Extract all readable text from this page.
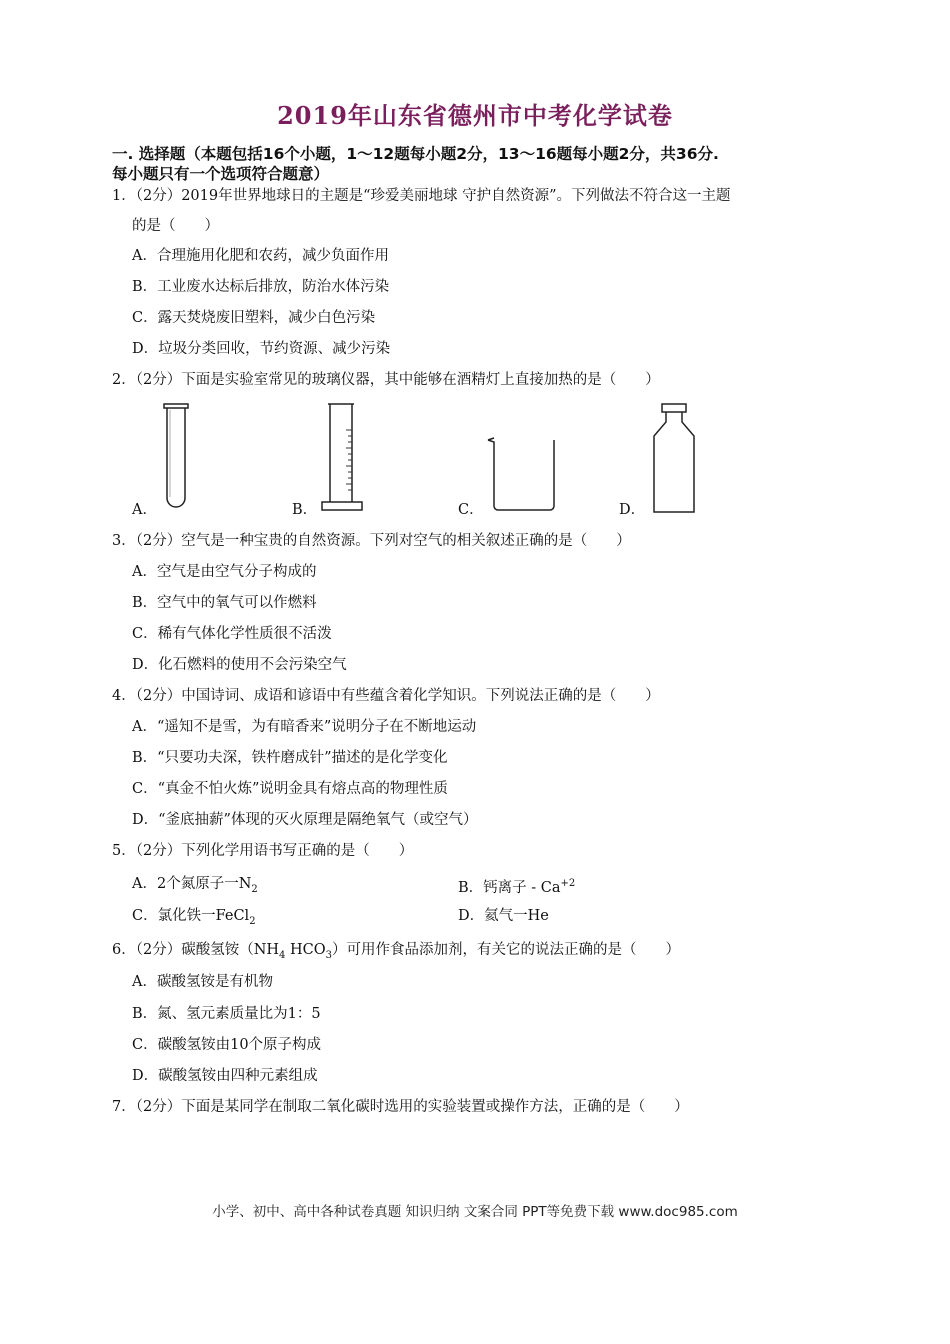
2019年山东省德州市中考化学试卷
一. 选择题（本题包括16个小题，1～12题每小题2分，13～16题每小题2分，共36分.
每小题只有一个选项符合题意）
1．（2分）2019年世界地球日的主题是“珍爱美丽地球 守护自然资源”。下列做法不符合这一主题
的是（　　）
A．合理施用化肥和农药，减少负面作用
B．工业废水达标后排放，防治水体污染
C．露天焚烧废旧塑料，减少白色污染
D．垃圾分类回收，节约资源、减少污染
2．（2分）下面是实验室常见的玻璃仪器，其中能够在酒精灯上直接加热的是（　　）
A．	B．	C．	D．
3．（2分）空气是一种宝贵的自然资源。下列对空气的相关叙述正确的是（　　）
A．空气是由空气分子构成的
B．空气中的氧气可以作燃料
C．稀有气体化学性质很不活泼
D．化石燃料的使用不会污染空气
4．（2分）中国诗词、成语和谚语中有些蕴含着化学知识。下列说法正确的是（　　）
A．“遥知不是雪，为有暗香来”说明分子在不断地运动
B．“只要功夫深，铁杵磨成针”描述的是化学变化
C．“真金不怕火炼”说明金具有熔点高的物理性质
D．“釜底抽薪”体现的灭火原理是隔绝氧气（或空气）
5．（2分）下列化学用语书写正确的是（　　）
A．2个氮原子一$N_2$	B．钙离子 - $Ca^{+2}$
C．氯化铁一FeCl$_2$	D．氦气一He
6．（2分）碳酸氢铵（$NH_4$ $HCO_3$）可用作食品添加剂，有关它的说法正确的是（　　）
A．碳酸氢铵是有机物
B．氮、氢元素质量比为1：5
C．碳酸氢铵由10个原子构成
D．碳酸氢铵由四种元素组成
7．（2分）下面是某同学在制取二氧化碳时选用的实验装置或操作方法，正确的是（　　）
小学、初中、高中各种试卷真题 知识归纳 文案合同 PPT等免费下载 www.doc985.com
